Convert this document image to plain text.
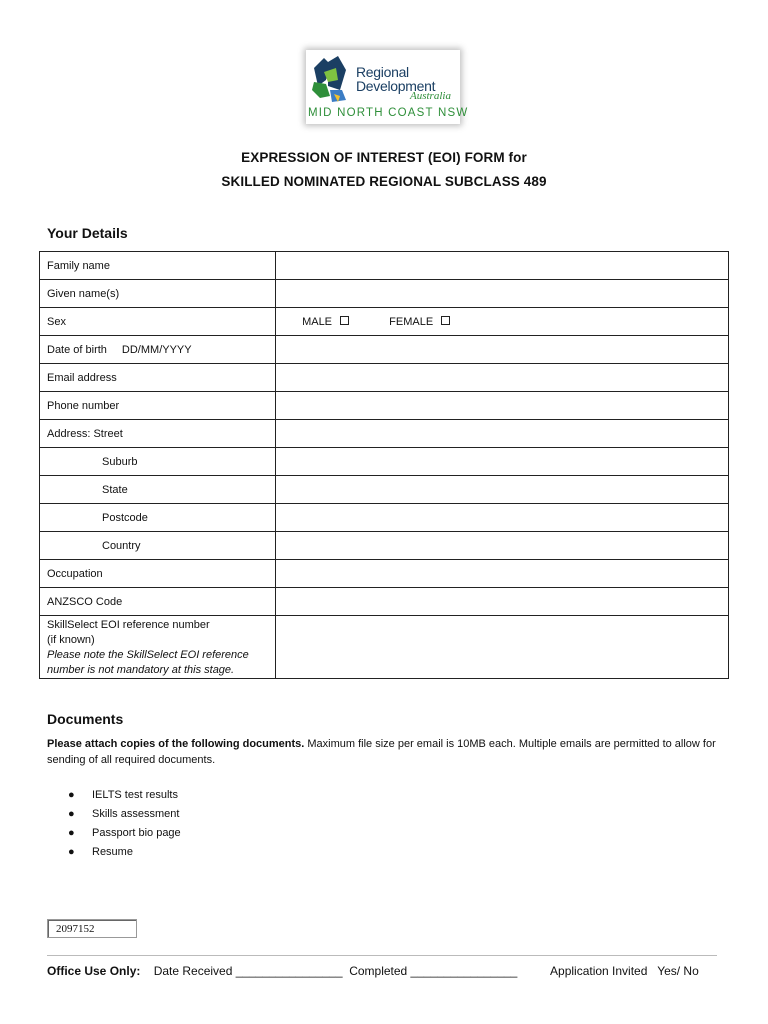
Regional
Development
Australia
MID NORTH COAST NSW
EXPRESSION OF INTEREST (EOI) FORM for
SKILLED NOMINATED REGIONAL SUBCLASS 489
Your Details
Family name	
Given name(s)	
Sex	MALE FEMALE
Date of birth DD/MM/YYYY	
Email address	
Phone number	
Address: Street	
Suburb	
State	
Postcode	
Country	
Occupation	
ANZSCO Code	

SkillSelect EOI reference number
(if known)
Please note the SkillSelect EOI reference
number is not mandatory at this stage.	

Documents
Please attach copies of the following documents. Maximum file size per email is 10MB each. Multiple emails are permitted to allow for sending of all required documents.
● IELTS test results
● Skills assessment
● Passport bio page
● Resume
2097152
Office Use Only:    Date Received ________________  Completed ________________          Application Invited   Yes/ No
